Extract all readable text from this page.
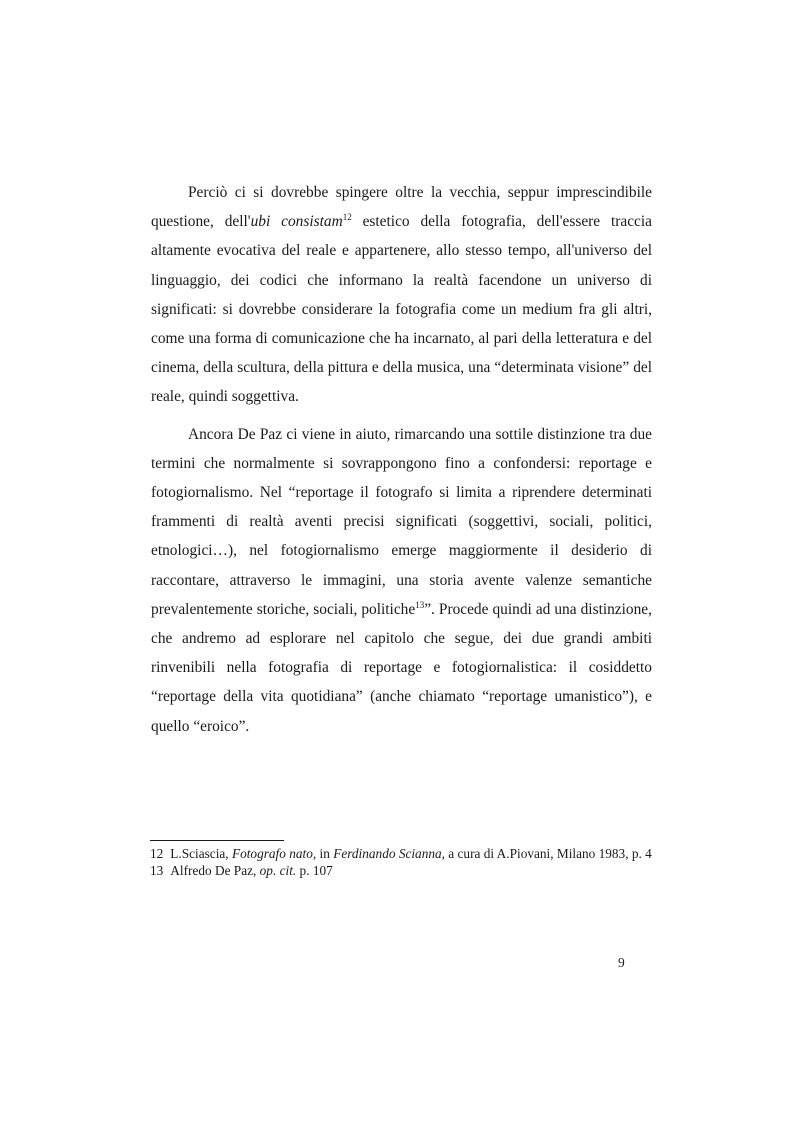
Perciò ci si dovrebbe spingere oltre la vecchia, seppur imprescindibile questione, dell'ubi consistam$^{12}$ estetico della fotografia, dell'essere traccia altamente evocativa del reale e appartenere, allo stesso tempo, all'universo del linguaggio, dei codici che informano la realtà facendone un universo di significati: si dovrebbe considerare la fotografia come un medium fra gli altri, come una forma di comunicazione che ha incarnato, al pari della letteratura e del cinema, della scultura, della pittura e della musica, una “determinata visione” del reale, quindi soggettiva.

Ancora De Paz ci viene in aiuto, rimarcando una sottile distinzione tra due termini che normalmente si sovrappongono fino a confondersi: reportage e fotogiornalismo. Nel “reportage il fotografo si limita a riprendere determinati frammenti di realtà aventi precisi significati (soggettivi, sociali, politici, etnologici…), nel fotogiornalismo emerge maggiormente il desiderio di raccontare, attraverso le immagini, una storia avente valenze semantiche prevalentemente storiche, sociali, politiche$^{13}$”. Procede quindi ad una distinzione, che andremo ad esplorare nel capitolo che segue, dei due grandi ambiti rinvenibili nella fotografia di reportage e fotogiornalistica: il cosiddetto “reportage della vita quotidiana” (anche chiamato “reportage umanistico”), e quello “eroico”.

12 L.Sciascia, Fotografo nato, in Ferdinando Scianna, a cura di A.Piovani, Milano 1983, p. 4

13 Alfredo De Paz, op. cit. p. 107

9
